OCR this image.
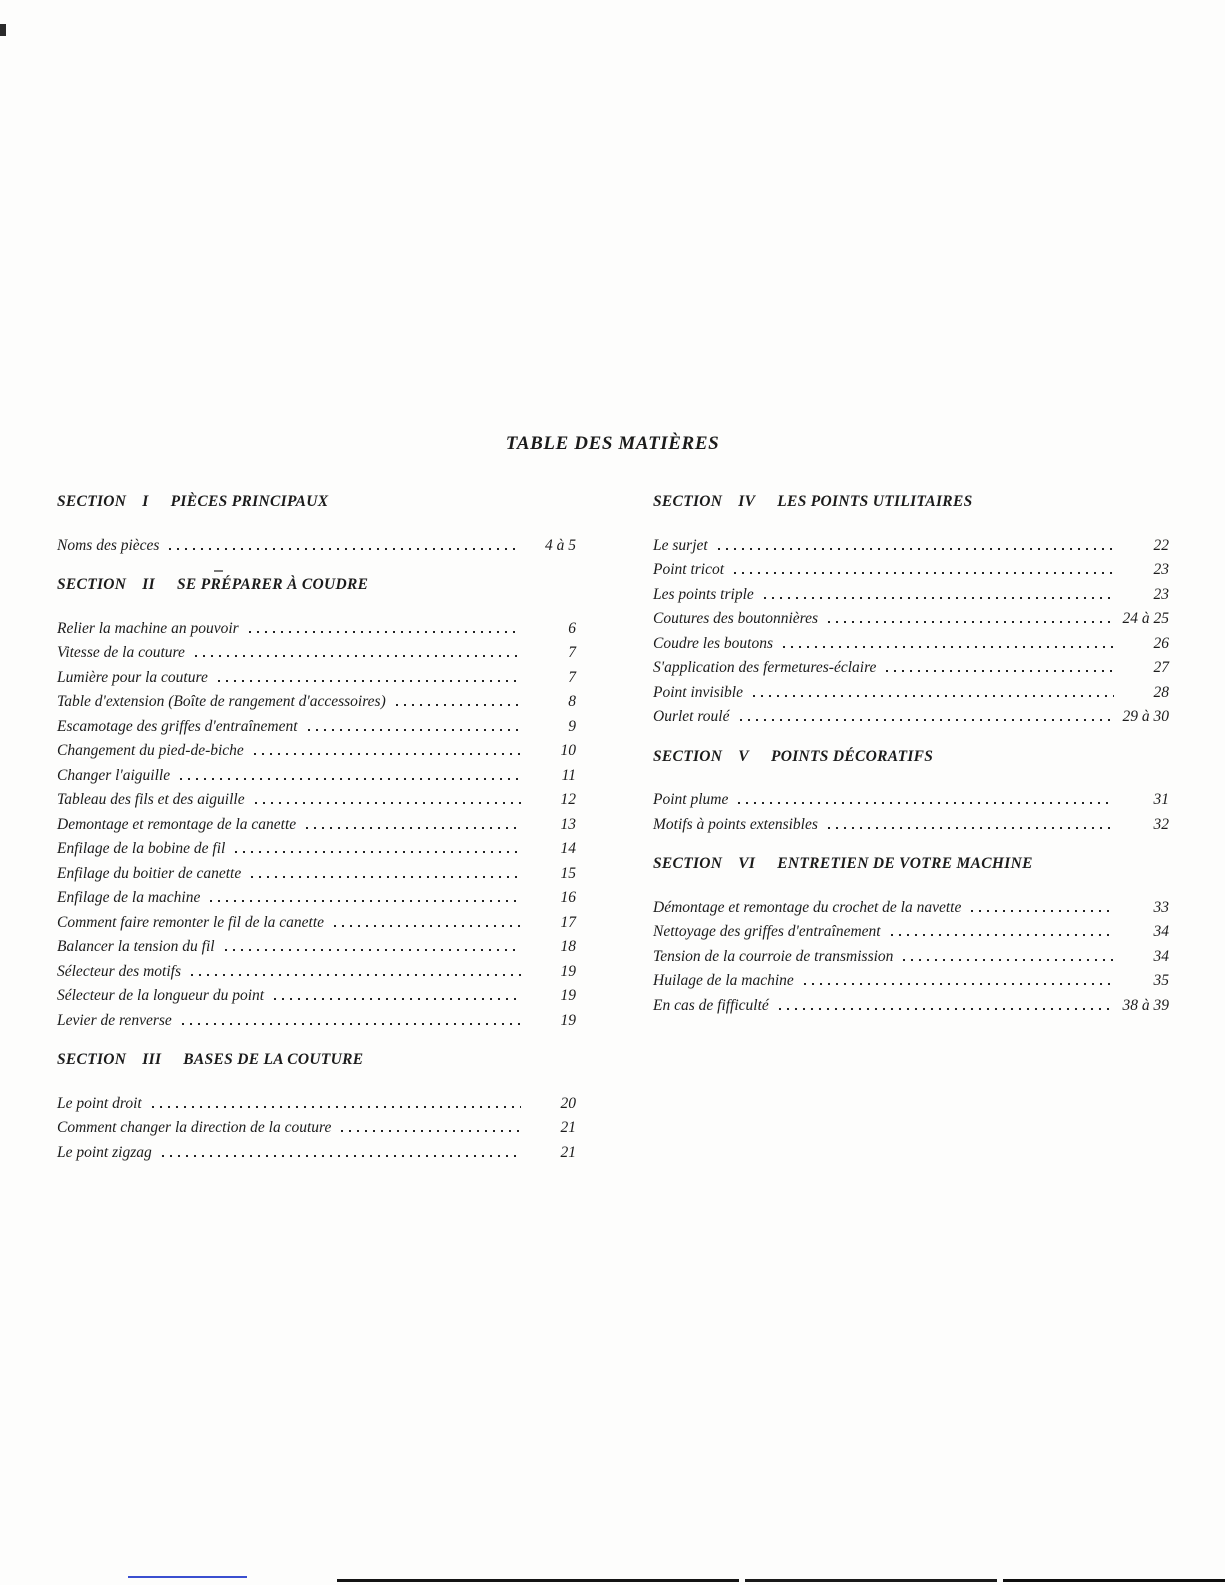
TABLE DES MATIÈRES
SECTION I PIÈCES PRINCIPAUX
Noms des pièces	4 à 5
SECTION II SE PRÉPARER À COUDRE
Relier la machine an pouvoir	6
Vitesse de la couture	7
Lumière pour la couture	7
Table d'extension (Boîte de rangement d'accessoires)	8
Escamotage des griffes d'entraînement	9
Changement du pied-de-biche	10
Changer l'aiguille	11
Tableau des fils et des aiguille	12
Demontage et remontage de la canette	13
Enfilage de la bobine de fil	14
Enfilage du boitier de canette	15
Enfilage de la machine	16
Comment faire remonter le fil de la canette	17
Balancer la tension du fil	18
Sélecteur des motifs	19
Sélecteur de la longueur du point	19
Levier de renverse	19
SECTION III BASES DE LA COUTURE
Le point droit	20
Comment changer la direction de la couture	21
Le point zigzag	21
SECTION IV LES POINTS UTILITAIRES
Le surjet	22
Point tricot	23
Les points triple	23
Coutures des boutonnières	24 à 25
Coudre les boutons	26
S'application des fermetures-éclaire	27
Point invisible	28
Ourlet roulé	29 à 30
SECTION V POINTS DÉCORATIFS
Point plume	31
Motifs à points extensibles	32
SECTION VI ENTRETIEN DE VOTRE MACHINE
Démontage et remontage du crochet de la navette	33
Nettoyage des griffes d'entraînement	34
Tension de la courroie de transmission	34
Huilage de la machine	35
En cas de fifficulté	38 à 39
